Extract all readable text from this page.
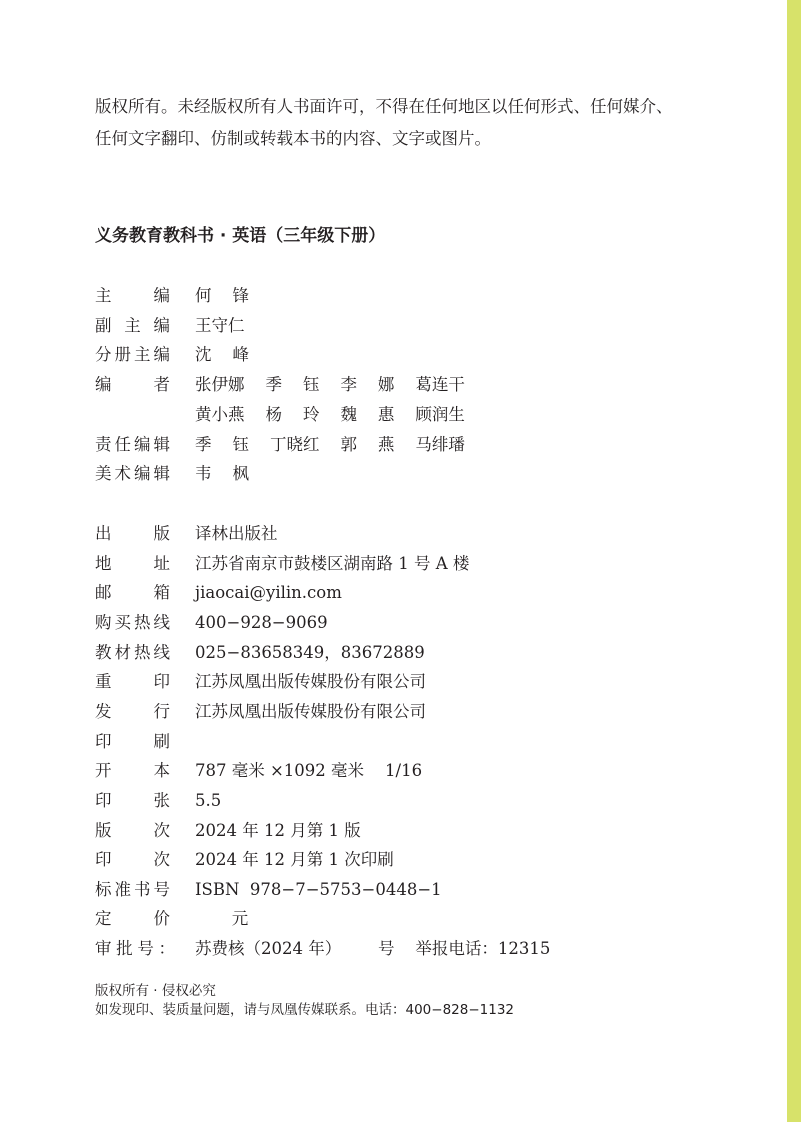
版权所有。未经版权所有人书面许可，不得在任何地区以任何形式、任何媒介、
任何文字翻印、仿制或转载本书的内容、文字或图片。
义务教育教科书 · 英语（三年级下册）
主	编 何    锋
副 主 编 王守仁
分 册 主 编 沈    峰
编	者 张伊娜    季    钰    李    娜    葛连干
黄小燕    杨    玲    魏    惠    顾润生
责 任 编 辑 季    钰    丁晓红    郭    燕    马绯璠
美 术 编 辑 韦    枫
出	版 译林出版社
地	址 江苏省南京市鼓楼区湖南路 1 号 A 楼
邮	箱 jiaocai@yilin.com
购 买 热 线 400−928−9069
教 材 热 线 025−83658349，83672889
重	印 江苏凤凰出版传媒股份有限公司
发	行 江苏凤凰出版传媒股份有限公司
印	刷
开	本 787 毫米 ×1092 毫米    1/16
印	张 5.5
版	次 2024 年 12 月第 1 版
印	次 2024 年 12 月第 1 次印刷
标 准 书 号 ISBN  978−7−5753−0448−1
定	价 元
审 批 号 ： 苏费核（2024 年）       号    举报电话：12315
版权所有 · 侵权必究
如发现印、装质量问题，请与凤凰传媒联系。电话：400−828−1132
